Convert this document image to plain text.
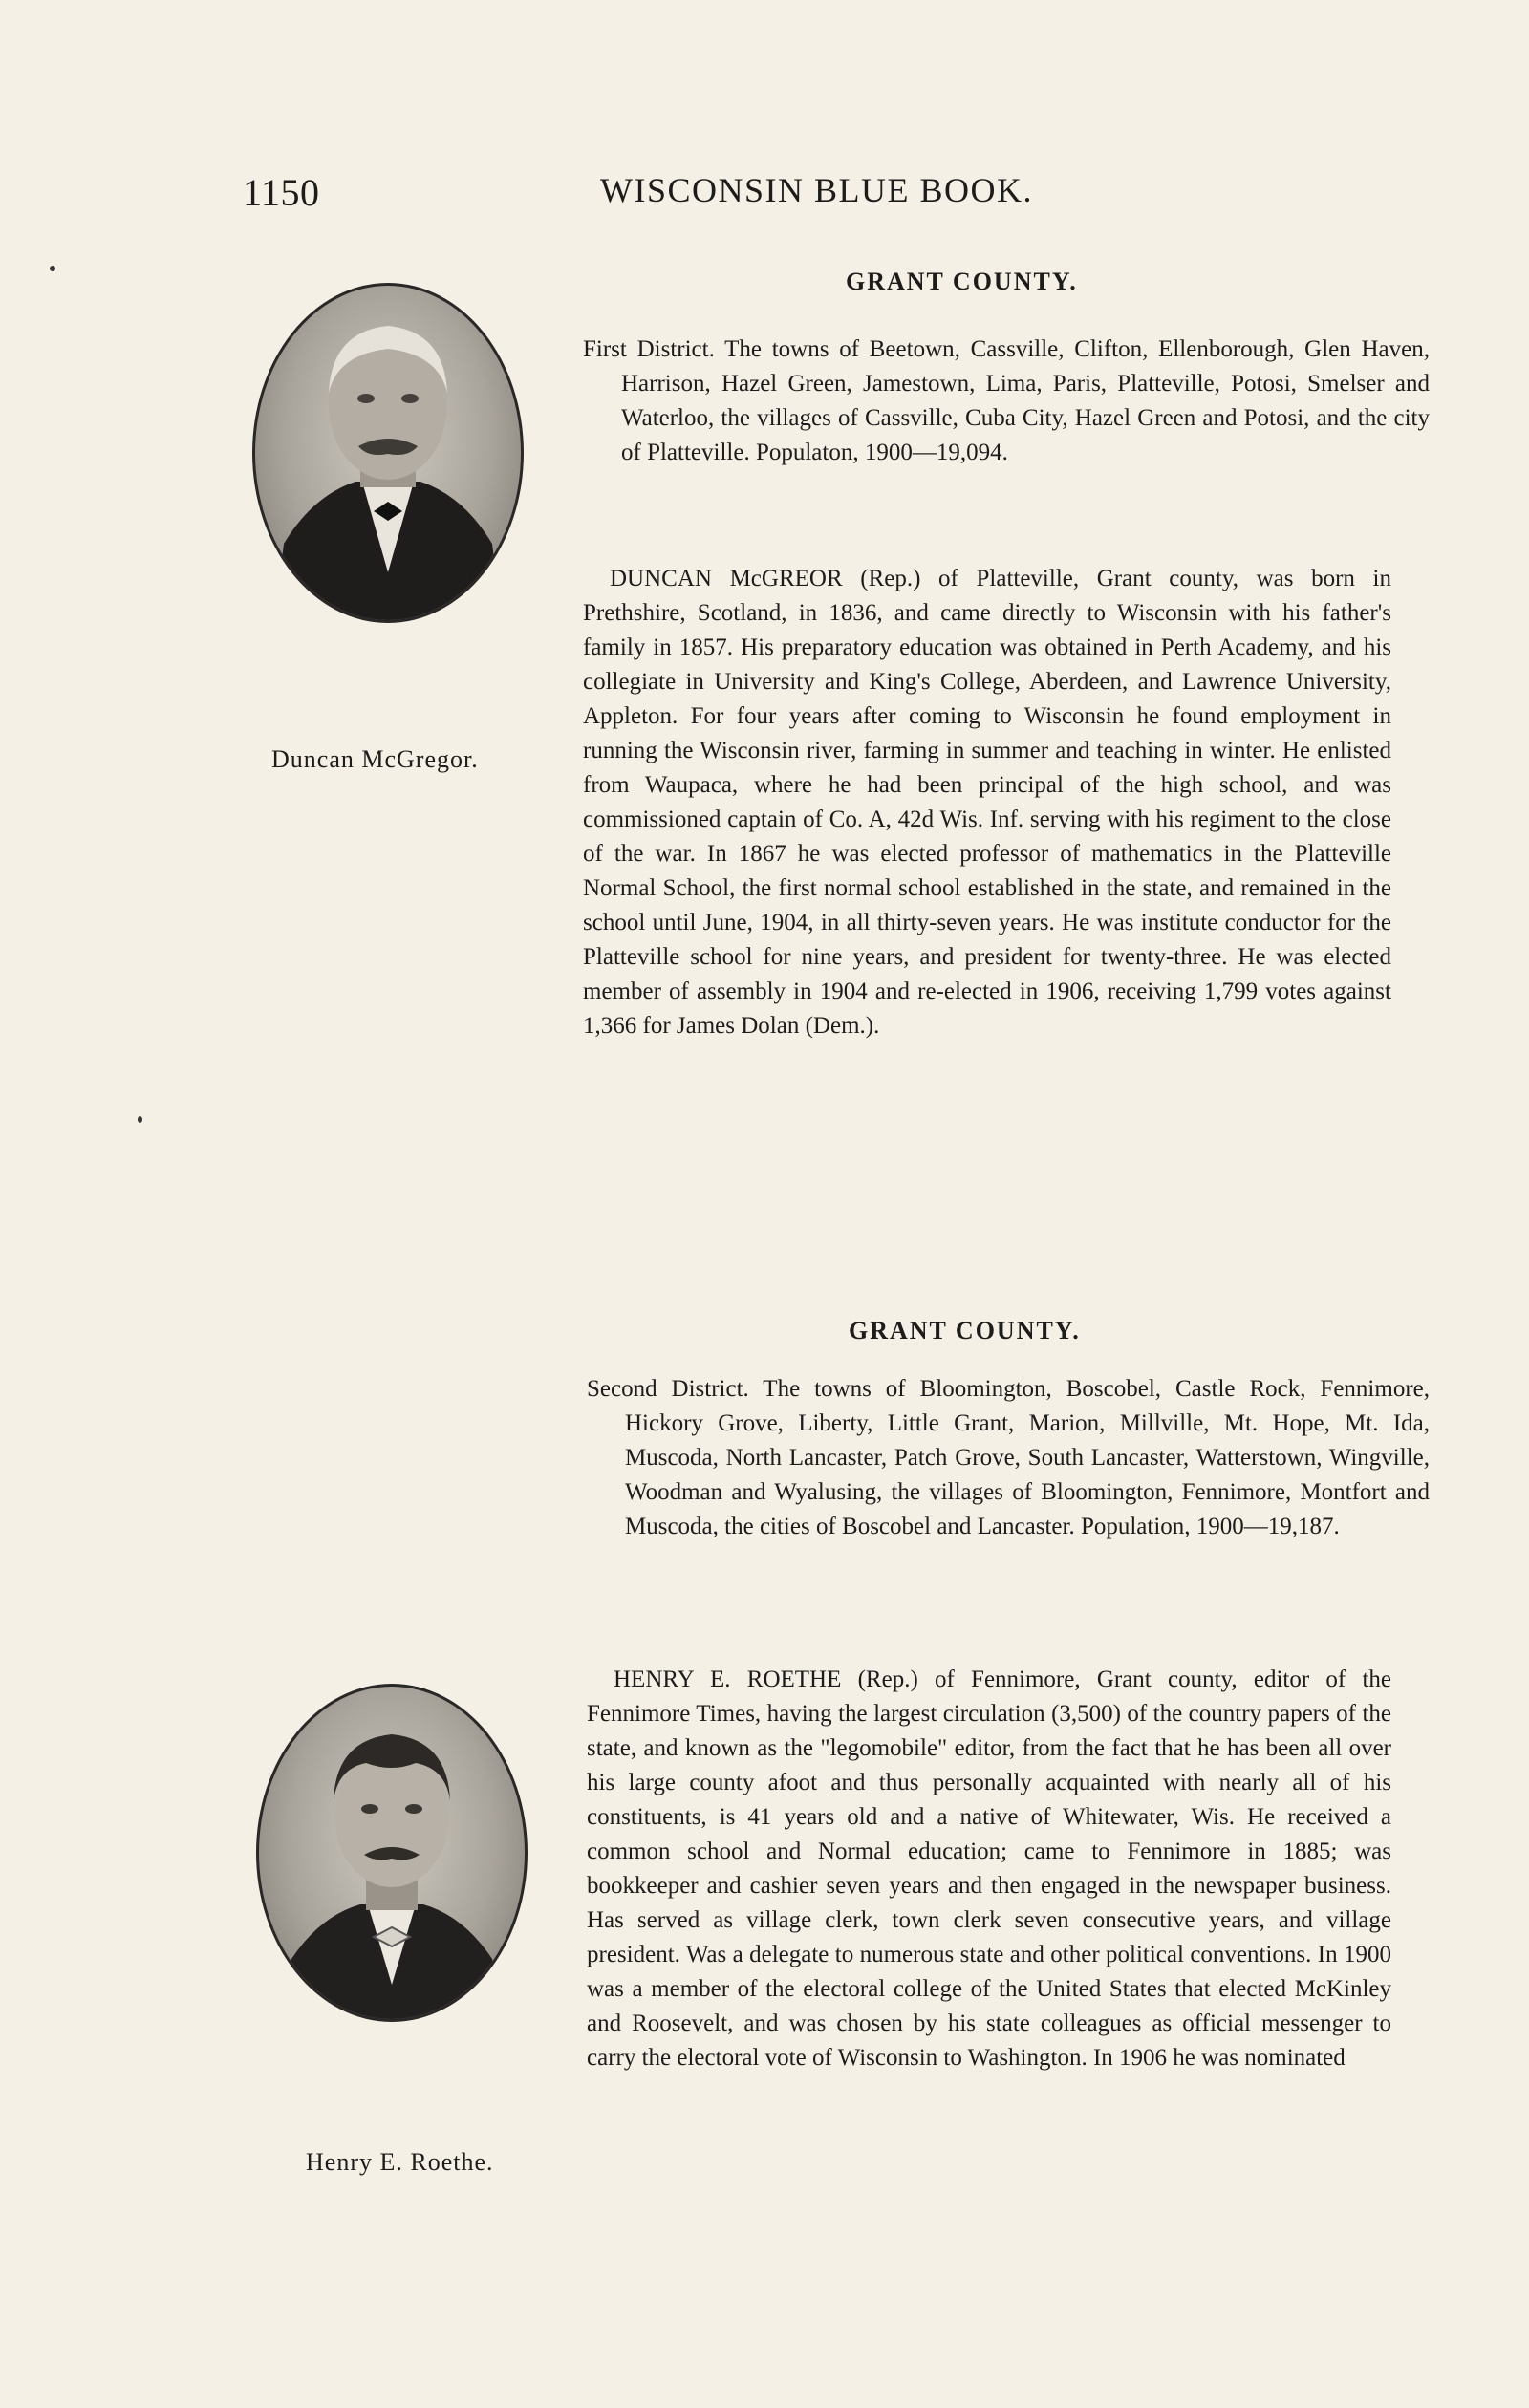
1150	WISCONSIN BLUE BOOK.
Duncan McGregor.
GRANT COUNTY.

First District. The towns of Beetown, Cassville, Clifton, Ellenborough, Glen Haven, Harrison, Hazel Green, Jamestown, Lima, Paris, Platteville, Potosi, Smelser and Waterloo, the villages of Cassville, Cuba City, Hazel Green and Potosi, and the city of Platteville. Populaton, 1900—19,094.

DUNCAN McGREOR (Rep.) of Platteville, Grant county, was born in Prethshire, Scotland, in 1836, and came directly to Wisconsin with his father's family in 1857. His preparatory education was obtained in Perth Academy, and his collegiate in University and King's College, Aberdeen, and Lawrence University, Appleton. For four years after coming to Wisconsin he found employment in running the Wisconsin river, farming in summer and teaching in winter. He enlisted from Waupaca, where he had been principal of the high school, and was commissioned captain of Co. A, 42d Wis. Inf. serving with his regiment to the close of the war. In 1867 he was elected professor of mathematics in the Platteville Normal School, the first normal school established in the state, and remained in the school until June, 1904, in all thirty-seven years. He was institute conductor for the Platteville school for nine years, and president for twenty-three. He was elected member of assembly in 1904 and re-elected in 1906, receiving 1,799 votes against 1,366 for James Dolan (Dem.).

GRANT COUNTY.

Second District. The towns of Bloomington, Boscobel, Castle Rock, Fennimore, Hickory Grove, Liberty, Little Grant, Marion, Millville, Mt. Hope, Mt. Ida, Muscoda, North Lancaster, Patch Grove, South Lancaster, Watterstown, Wingville, Woodman and Wyalusing, the villages of Bloomington, Fennimore, Montfort and Muscoda, the cities of Boscobel and Lancaster. Population, 1900—19,187.

HENRY E. ROETHE (Rep.) of Fennimore, Grant county, editor of the Fennimore Times, having the largest circulation (3,500) of the country papers of the state, and known as the "legomobile" editor, from the fact that he has been all over his large county afoot and thus personally acquainted with nearly all of his constituents, is 41 years old and a native of Whitewater, Wis. He received a common school and Normal education; came to Fennimore in 1885; was bookkeeper and cashier seven years and then engaged in the newspaper business. Has served as village clerk, town clerk seven consecutive years, and village president. Was a delegate to numerous state and other political conventions. In 1900 was a member of the electoral college of the United States that elected McKinley and Roosevelt, and was chosen by his state colleagues as official messenger to carry the electoral vote of Wisconsin to Washington. In 1906 he was nominated

Henry E. Roethe.
